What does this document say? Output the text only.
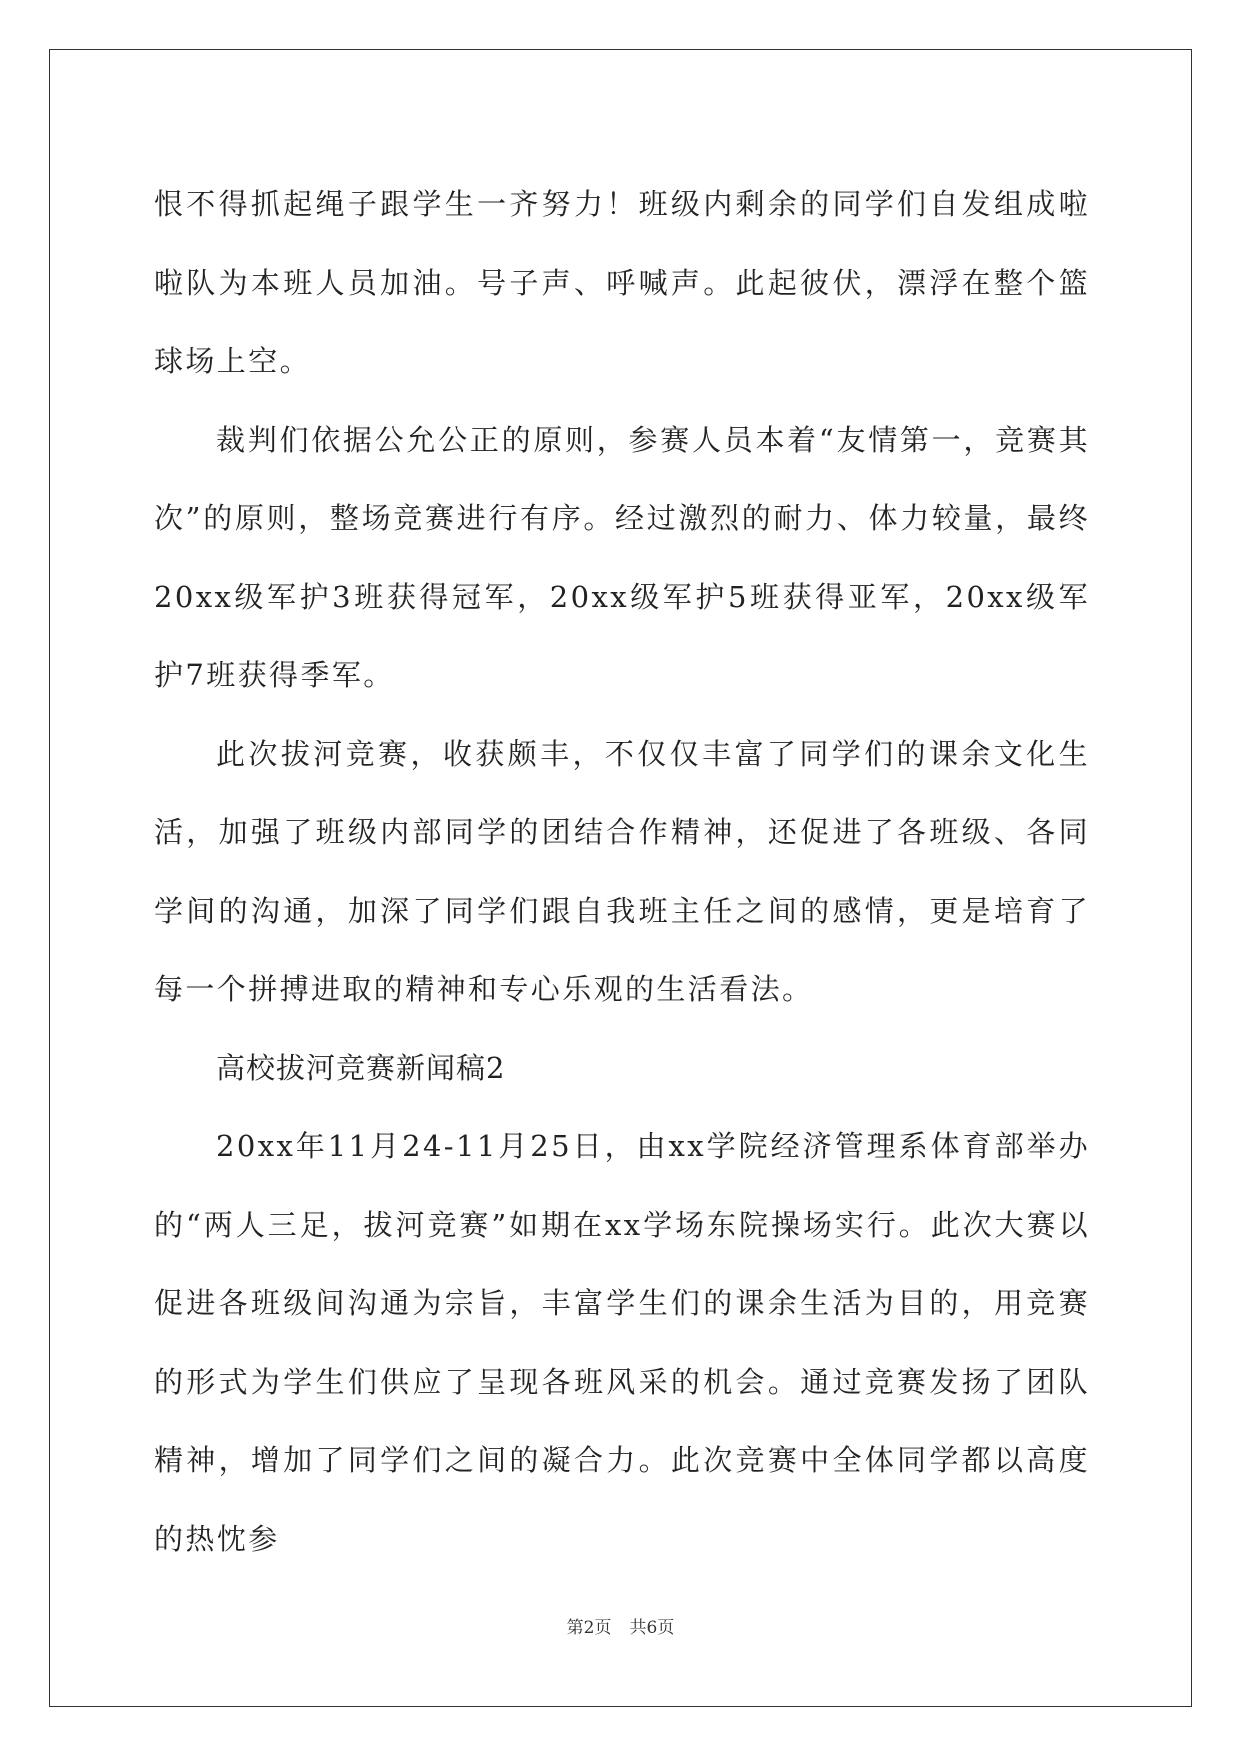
恨不得抓起绳子跟学生一齐努力！班级内剩余的同学们自发组成啦啦队为本班人员加油。号子声、呼喊声。此起彼伏，漂浮在整个篮球场上空。

裁判们依据公允公正的原则，参赛人员本着“友情第一，竞赛其次”的原则，整场竞赛进行有序。经过激烈的耐力、体力较量，最终20xx级军护3班获得冠军，20xx级军护5班获得亚军，20xx级军护7班获得季军。

此次拔河竞赛，收获颇丰，不仅仅丰富了同学们的课余文化生活，加强了班级内部同学的团结合作精神，还促进了各班级、各同学间的沟通，加深了同学们跟自我班主任之间的感情，更是培育了每一个拼搏进取的精神和专心乐观的生活看法。

高校拔河竞赛新闻稿2

20xx年11月24-11月25日，由xx学院经济管理系体育部举办的“两人三足，拔河竞赛”如期在xx学场东院操场实行。此次大赛以促进各班级间沟通为宗旨，丰富学生们的课余生活为目的，用竞赛的形式为学生们供应了呈现各班风采的机会。通过竞赛发扬了团队精神，增加了同学们之间的凝合力。此次竞赛中全体同学都以高度的热忱参

第2页 共6页
